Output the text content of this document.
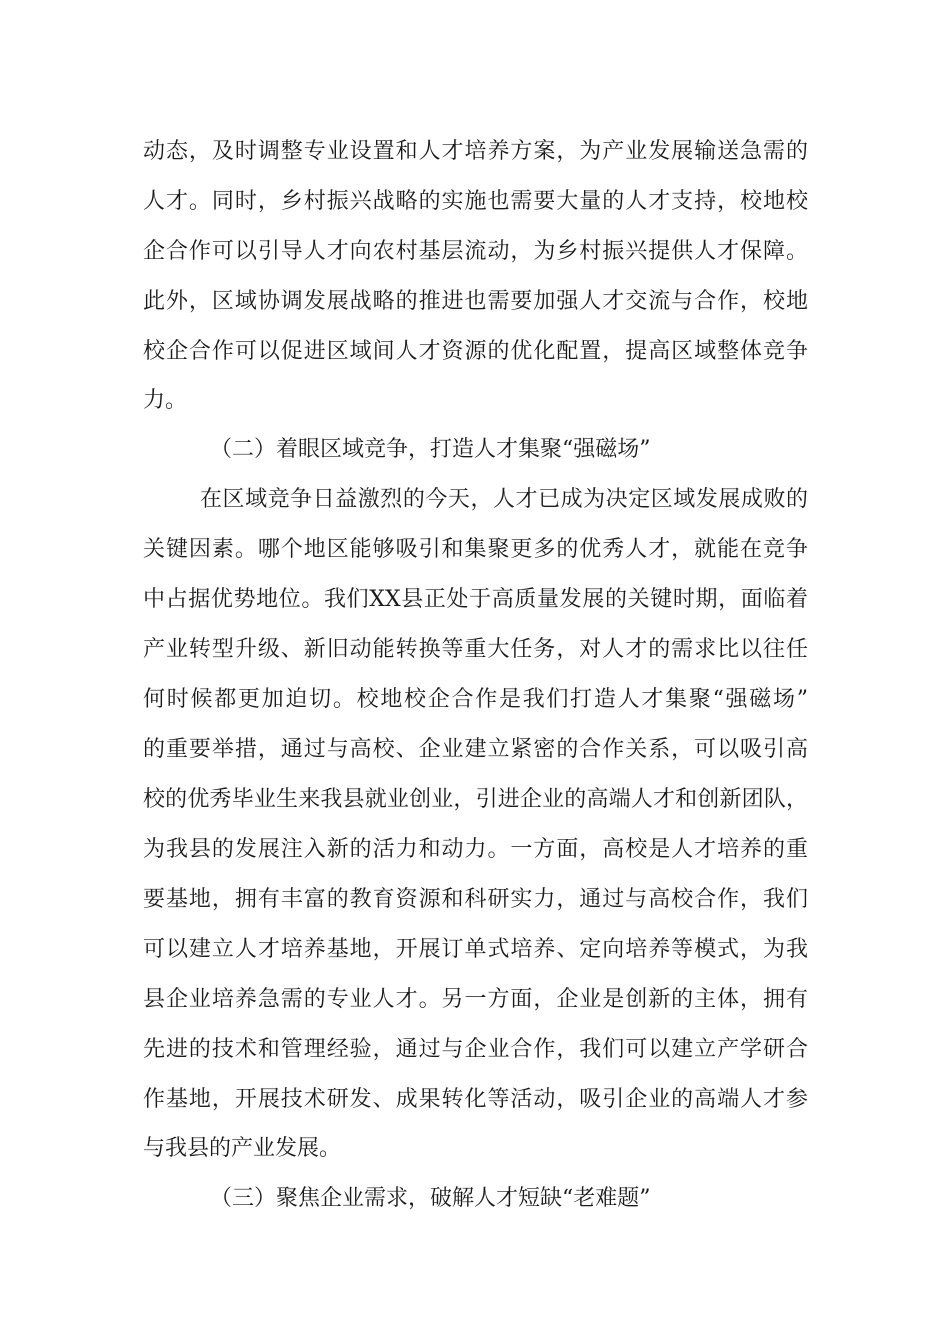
动态，及时调整专业设置和人才培养方案，为产业发展输送急需的
人才。同时，乡村振兴战略的实施也需要大量的人才支持，校地校
企合作可以引导人才向农村基层流动，为乡村振兴提供人才保障。
此外，区域协调发展战略的推进也需要加强人才交流与合作，校地
校企合作可以促进区域间人才资源的优化配置，提高区域整体竞争
力。
（二）着眼区域竞争，打造人才集聚“强磁场”
在区域竞争日益激烈的今天，人才已成为决定区域发展成败的
关键因素。哪个地区能够吸引和集聚更多的优秀人才，就能在竞争
中占据优势地位。我们XX县正处于高质量发展的关键时期，面临着
产业转型升级、新旧动能转换等重大任务，对人才的需求比以往任
何时候都更加迫切。校地校企合作是我们打造人才集聚“强磁场”
的重要举措，通过与高校、企业建立紧密的合作关系，可以吸引高
校的优秀毕业生来我县就业创业，引进企业的高端人才和创新团队，
为我县的发展注入新的活力和动力。一方面，高校是人才培养的重
要基地，拥有丰富的教育资源和科研实力，通过与高校合作，我们
可以建立人才培养基地，开展订单式培养、定向培养等模式，为我
县企业培养急需的专业人才。另一方面，企业是创新的主体，拥有
先进的技术和管理经验，通过与企业合作，我们可以建立产学研合
作基地，开展技术研发、成果转化等活动，吸引企业的高端人才参
与我县的产业发展。
（三）聚焦企业需求，破解人才短缺“老难题”
